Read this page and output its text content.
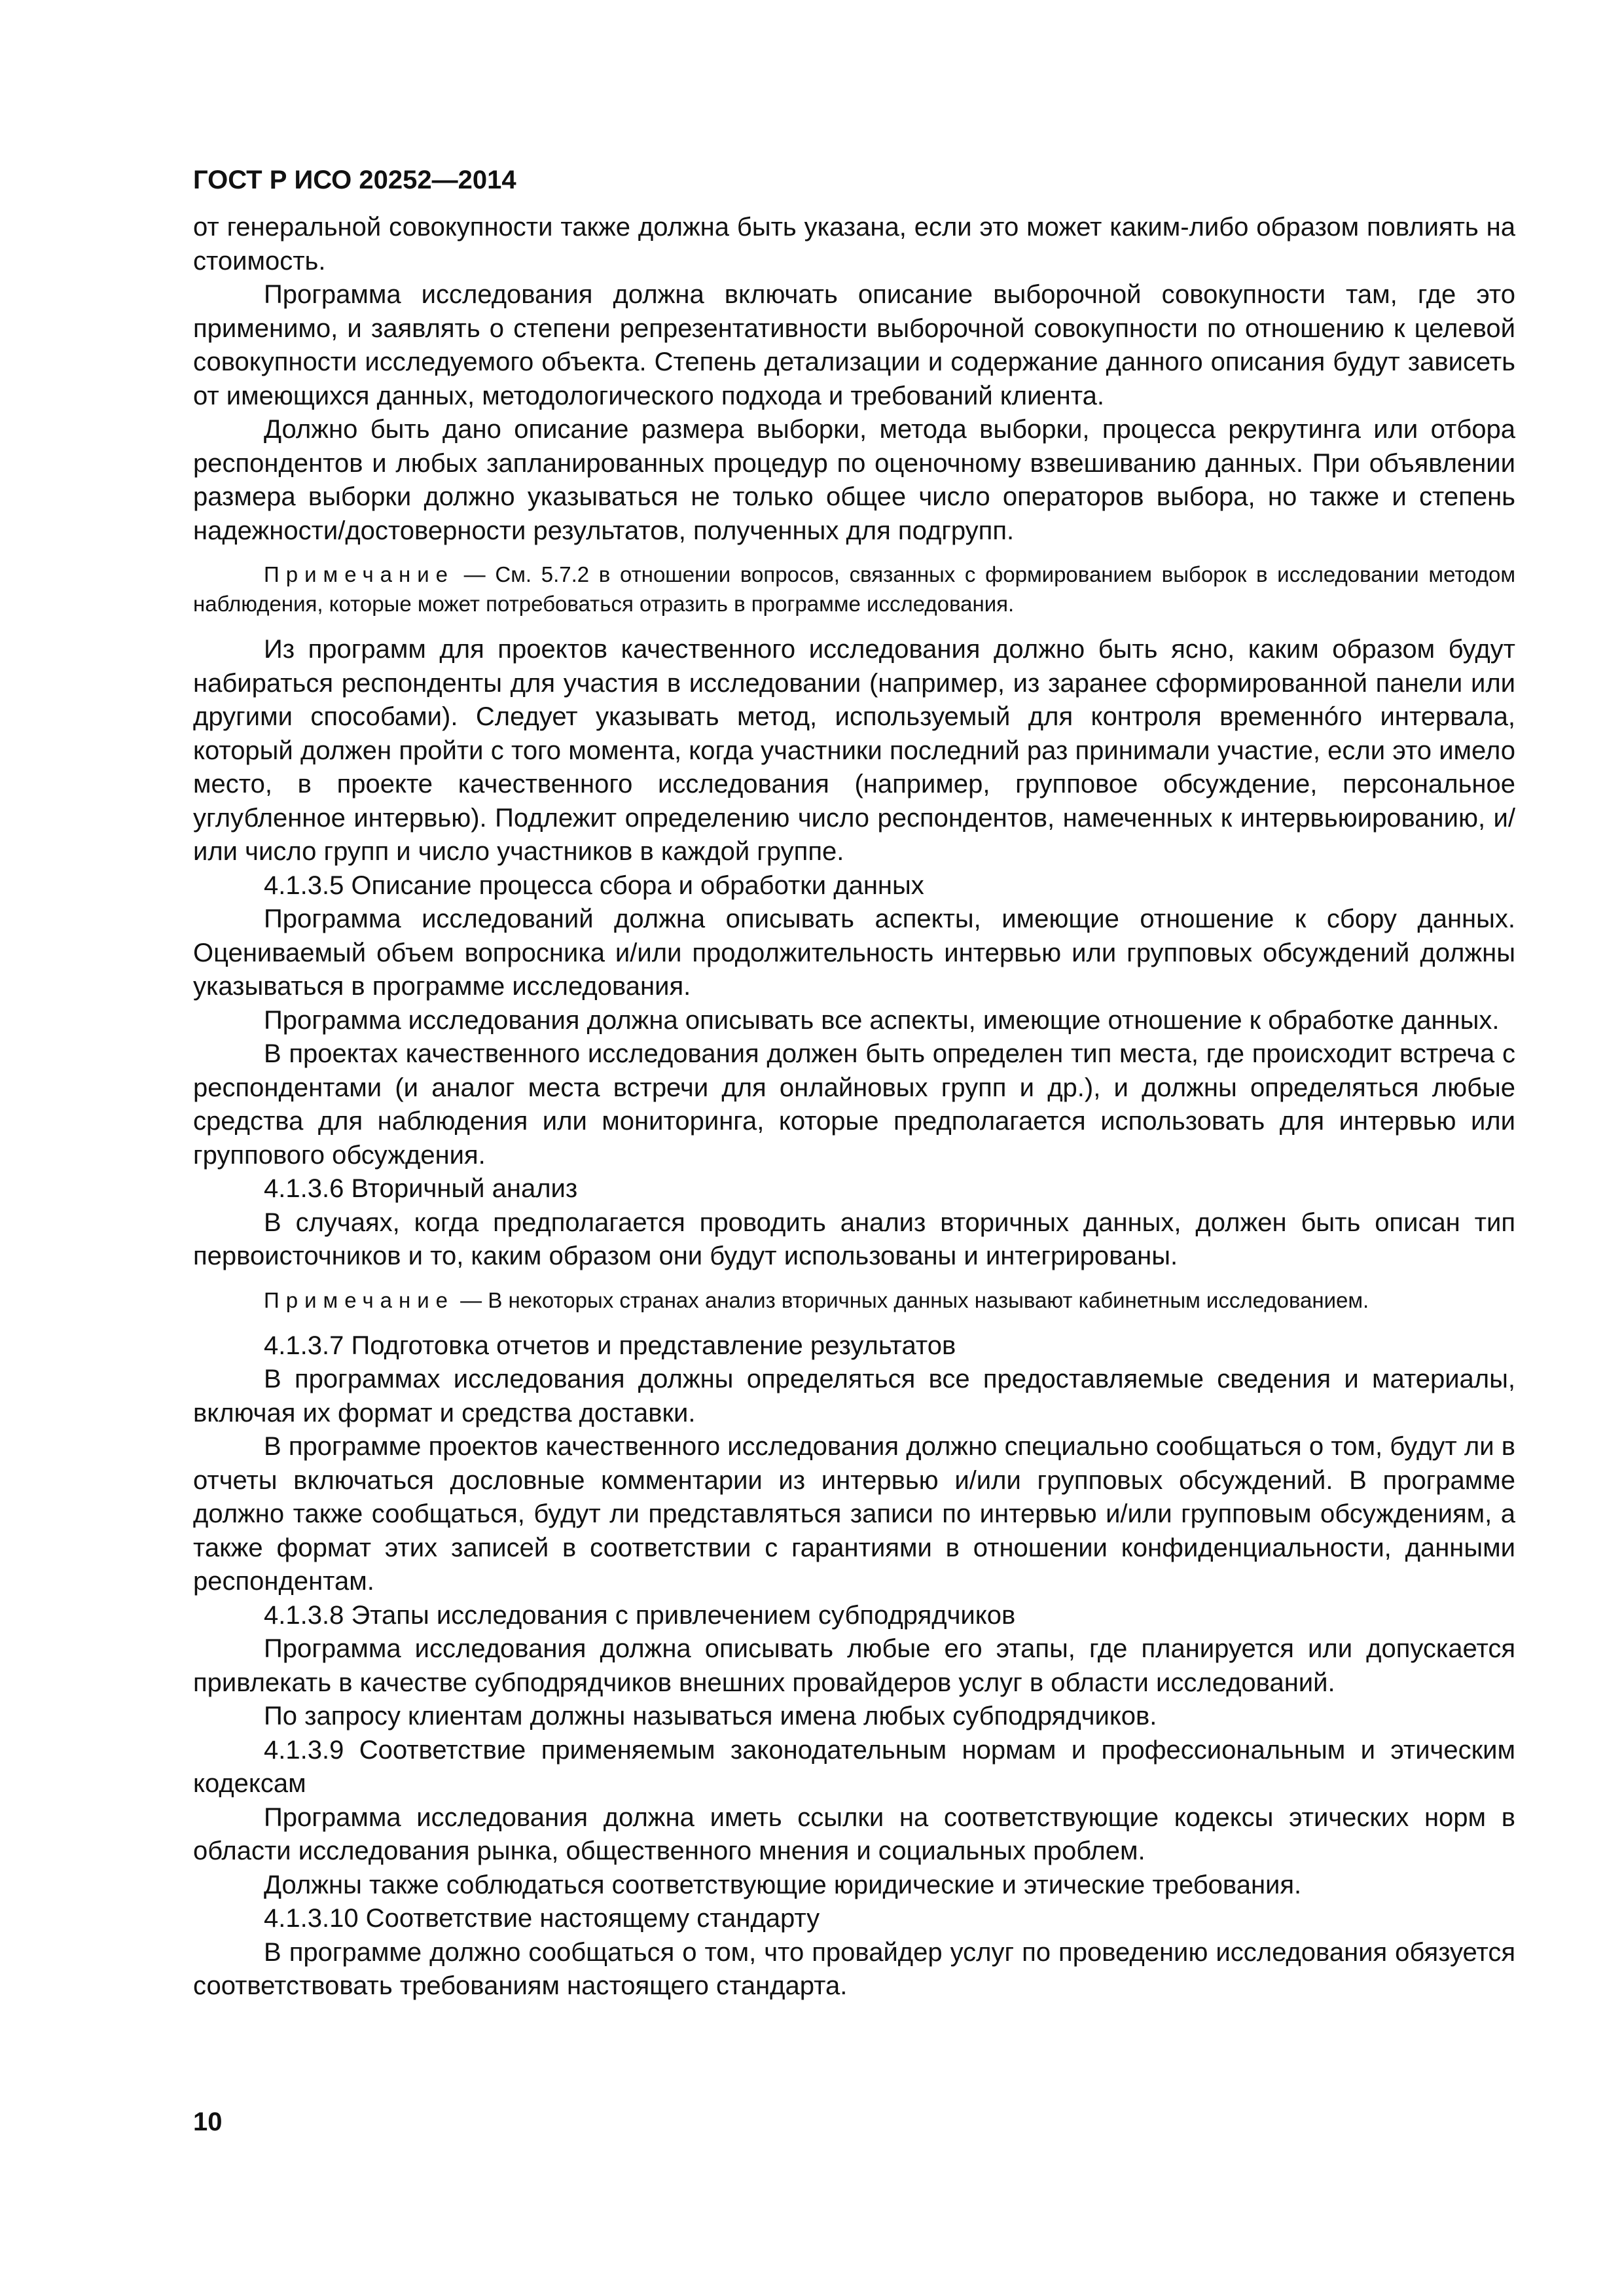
ГОСТ Р ИСО 20252—2014

от генеральной совокупности также должна быть указана, если это может каким-либо образом повлиять на стоимость.

Программа исследования должна включать описание выборочной совокупности там, где это применимо, и заявлять о степени репрезентативности выборочной совокупности по отношению к целевой совокупности исследуемого объекта. Степень детализации и содержание данного описания будут зависеть от имеющихся данных, методологического подхода и требований клиента.

Должно быть дано описание размера выборки, метода выборки, процесса рекрутинга или отбора респондентов и любых запланированных процедур по оценочному взвешиванию данных. При объявлении размера выборки должно указываться не только общее число операторов выбора, но также и степень надежности/достоверности результатов, полученных для подгрупп.

Примечание — См. 5.7.2 в отношении вопросов, связанных с формированием выборок в исследовании методом наблюдения, которые может потребоваться отразить в программе исследования.

Из программ для проектов качественного исследования должно быть ясно, каким образом будут набираться респонденты для участия в исследовании (например, из заранее сформированной панели или другими способами). Следует указывать метод, используемый для контроля временнóго интервала, который должен пройти с того момента, когда участники последний раз принимали участие, если это имело место, в проекте качественного исследования (например, групповое обсуждение, персональное углубленное интервью). Подлежит определению число респондентов, намеченных к интервьюированию, и/или число групп и число участников в каждой группе.

4.1.3.5 Описание процесса сбора и обработки данных

Программа исследований должна описывать аспекты, имеющие отношение к сбору данных. Оцениваемый объем вопросника и/или продолжительность интервью или групповых обсуждений должны указываться в программе исследования.

Программа исследования должна описывать все аспекты, имеющие отношение к обработке данных.

В проектах качественного исследования должен быть определен тип места, где происходит встреча с респондентами (и аналог места встречи для онлайновых групп и др.), и должны определяться любые средства для наблюдения или мониторинга, которые предполагается использовать для интервью или группового обсуждения.

4.1.3.6 Вторичный анализ

В случаях, когда предполагается проводить анализ вторичных данных, должен быть описан тип первоисточников и то, каким образом они будут использованы и интегрированы.

Примечание — В некоторых странах анализ вторичных данных называют кабинетным исследованием.

4.1.3.7 Подготовка отчетов и представление результатов

В программах исследования должны определяться все предоставляемые сведения и материалы, включая их формат и средства доставки.

В программе проектов качественного исследования должно специально сообщаться о том, будут ли в отчеты включаться дословные комментарии из интервью и/или групповых обсуждений. В программе должно также сообщаться, будут ли представляться записи по интервью и/или групповым обсуждениям, а также формат этих записей в соответствии с гарантиями в отношении конфиденциальности, данными респондентам.

4.1.3.8 Этапы исследования с привлечением субподрядчиков

Программа исследования должна описывать любые его этапы, где планируется или допускается привлекать в качестве субподрядчиков внешних провайдеров услуг в области исследований.

По запросу клиентам должны называться имена любых субподрядчиков.

4.1.3.9 Соответствие применяемым законодательным нормам и профессиональным и этическим кодексам

Программа исследования должна иметь ссылки на соответствующие кодексы этических норм в области исследования рынка, общественного мнения и социальных проблем.

Должны также соблюдаться соответствующие юридические и этические требования.

4.1.3.10 Соответствие настоящему стандарту

В программе должно сообщаться о том, что провайдер услуг по проведению исследования обязуется соответствовать требованиям настоящего стандарта.

10
